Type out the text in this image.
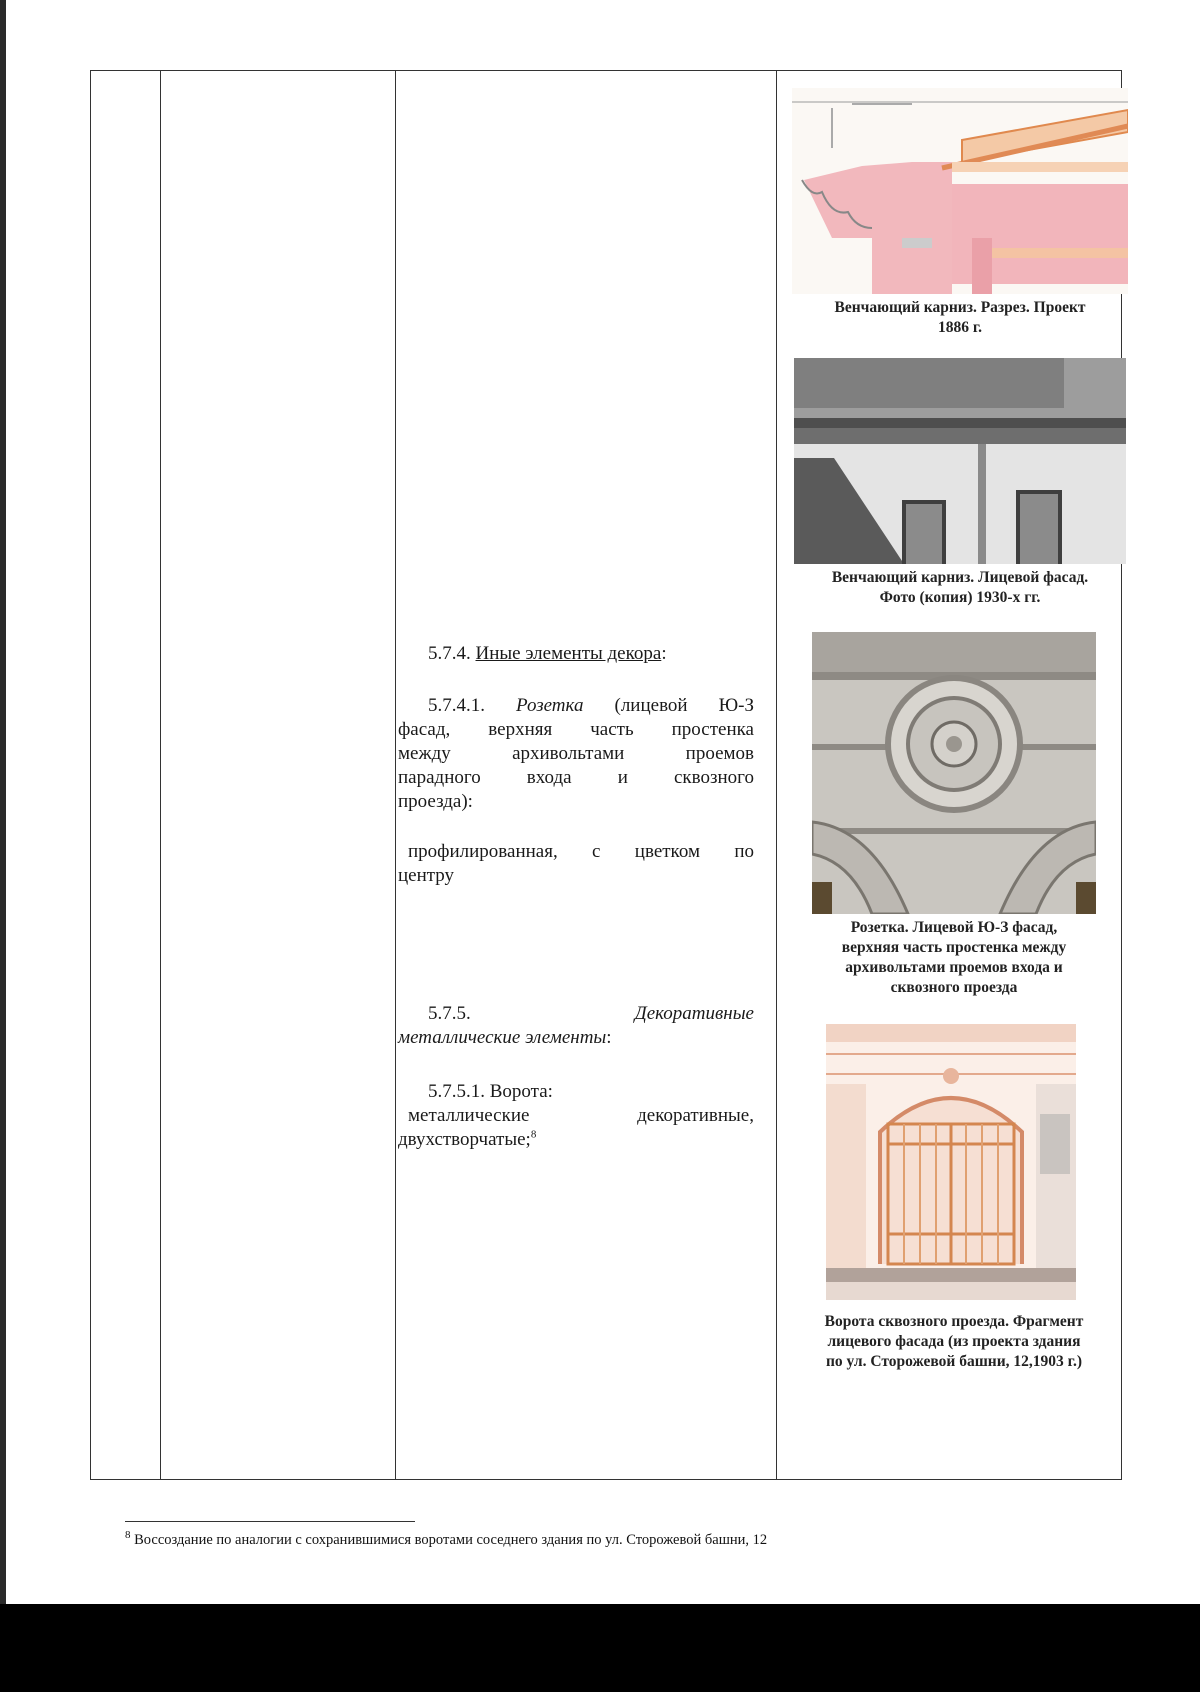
5.7.4. Иные элементы декора:
5.7.4.1. Розетка (лицевой Ю-З
фасад, верхняя часть простенка
между архивольтами проемов
парадного входа и сквозного
проезда):
профилированная, с цветком по
центру
5.7.5.	Декоративные
металлические элементы:
5.7.5.1. Ворота:
металлические	декоративные,
двухстворчатые;$^8$
Венчающий карниз. Разрез. Проект
1886 г.
Венчающий карниз. Лицевой фасад.
Фото (копия) 1930-х гг.
Розетка. Лицевой Ю-З фасад,
верхняя часть простенка между
архивольтами проемов входа и
сквозного проезда
Ворота сквозного проезда. Фрагмент
лицевого фасада (из проекта здания
по ул. Сторожевой башни, 12,1903 г.)
$^8$ Воссоздание по аналогии с сохранившимися воротами соседнего здания по ул. Сторожевой башни, 12
